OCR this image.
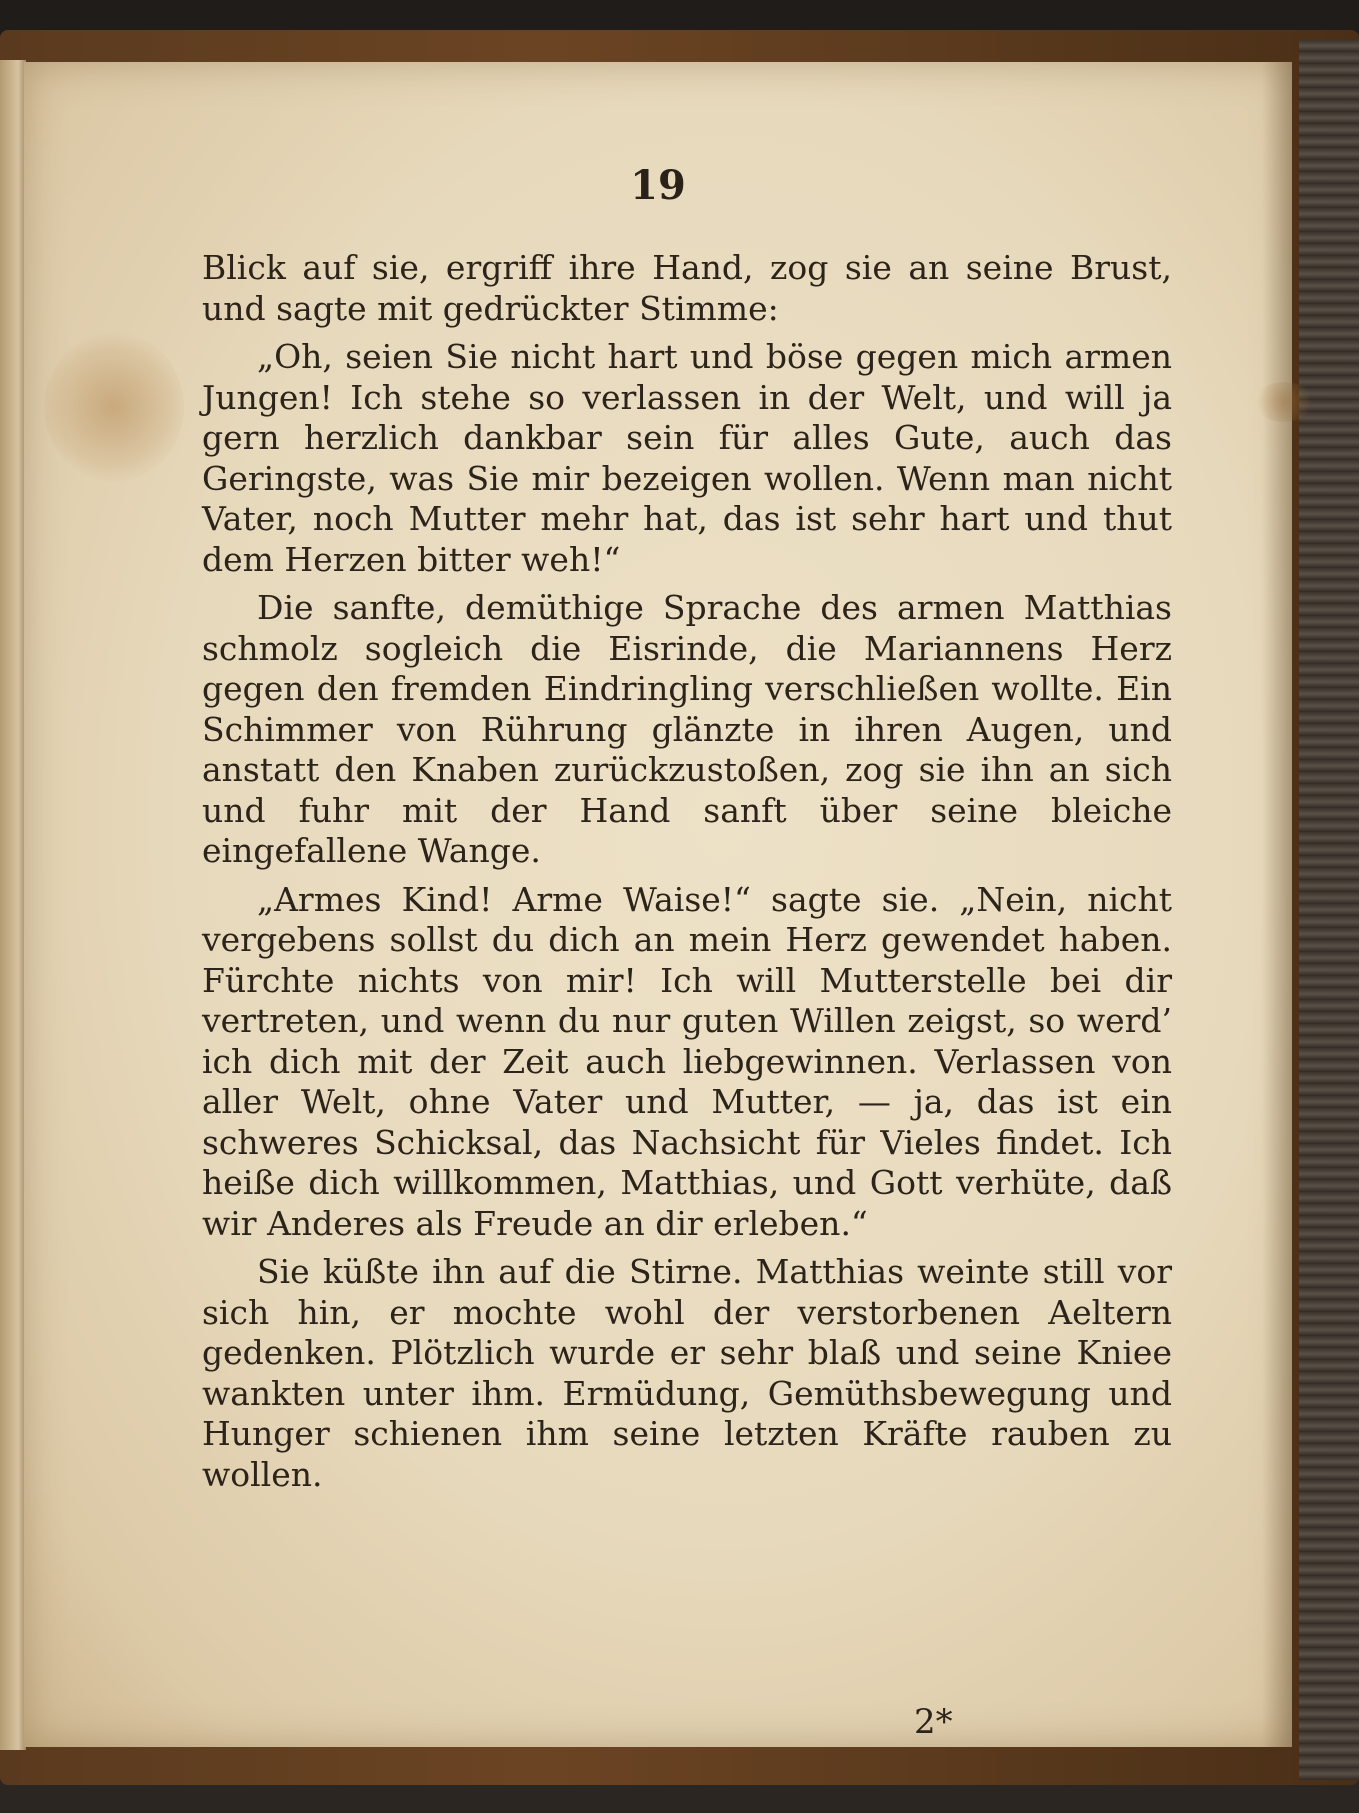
19

Blick auf sie, ergriff ihre Hand, zog sie an seine Brust, und sagte mit gedrückter Stimme:

„Oh, seien Sie nicht hart und böse gegen mich armen Jungen! Ich stehe so verlassen in der Welt, und will ja gern herzlich dankbar sein für alles Gute, auch das Geringste, was Sie mir bezeigen wollen. Wenn man nicht Vater, noch Mutter mehr hat, das ist sehr hart und thut dem Herzen bitter weh!“

Die sanfte, demüthige Sprache des armen Matthias schmolz sogleich die Eisrinde, die Mariannens Herz gegen den fremden Eindringling verschließen wollte. Ein Schimmer von Rührung glänzte in ihren Augen, und anstatt den Knaben zurückzustoßen, zog sie ihn an sich und fuhr mit der Hand sanft über seine bleiche eingefallene Wange.

„Armes Kind! Arme Waise!“ sagte sie. „Nein, nicht vergebens sollst du dich an mein Herz gewendet haben. Fürchte nichts von mir! Ich will Mutterstelle bei dir vertreten, und wenn du nur guten Willen zeigst, so werd’ ich dich mit der Zeit auch liebgewinnen. Verlassen von aller Welt, ohne Vater und Mutter, — ja, das ist ein schweres Schicksal, das Nachsicht für Vieles findet. Ich heiße dich willkommen, Matthias, und Gott verhüte, daß wir Anderes als Freude an dir erleben.“

Sie küßte ihn auf die Stirne. Matthias weinte still vor sich hin, er mochte wohl der verstorbenen Aeltern gedenken. Plötzlich wurde er sehr blaß und seine Kniee wankten unter ihm. Ermüdung, Gemüthsbewegung und Hunger schienen ihm seine letzten Kräfte rauben zu wollen.

2*
